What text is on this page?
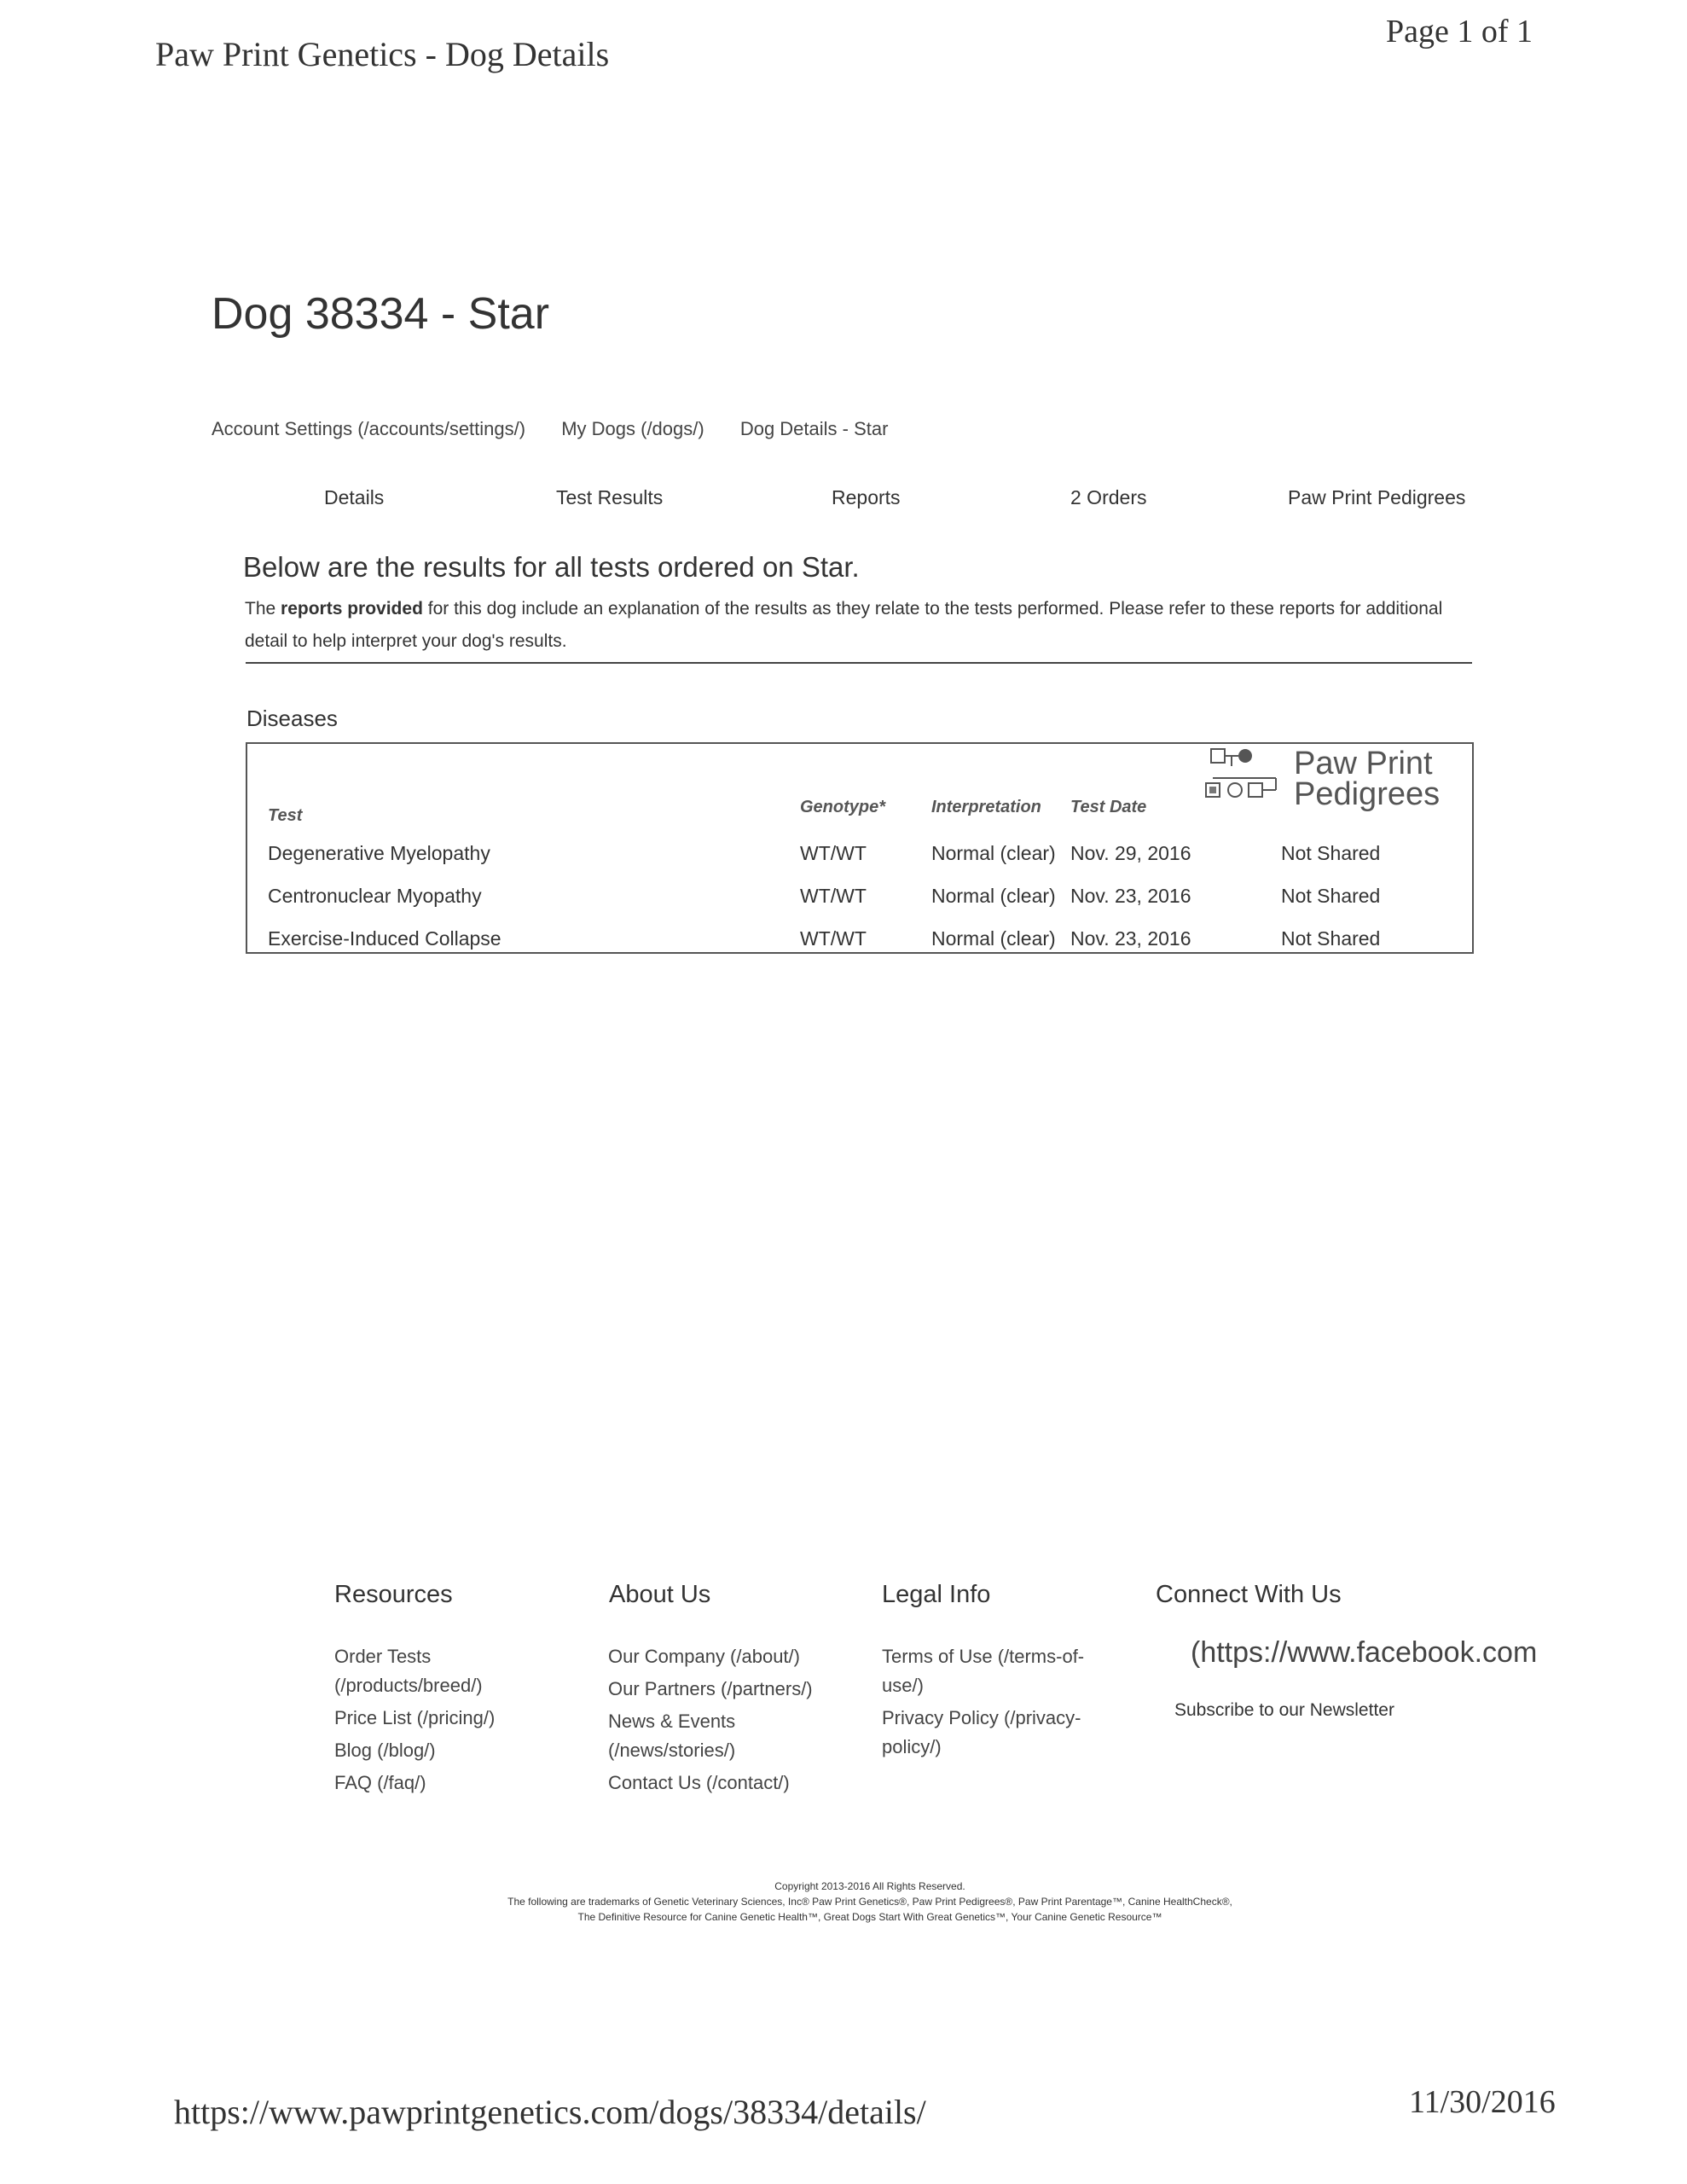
Paw Print Genetics - Dog Details
Page 1 of 1
Dog 38334 - Star
Account Settings (/accounts/settings/) My Dogs (/dogs/) Dog Details - Star
Details	Test Results	Reports	2 Orders	Paw Print Pedigrees
Below are the results for all tests ordered on Star.
The reports provided for this dog include an explanation of the results as they relate to the tests performed. Please refer to these reports for additional detail to help interpret your dog's results.
Diseases
Paw Print
Pedigrees
Test	Genotype*	Interpretation Test Date
Degenerative Myelopathy	WT/WT	Normal (clear) Nov. 29, 2016	Not Shared
Centronuclear Myopathy	WT/WT	Normal (clear) Nov. 23, 2016	Not Shared
Exercise-Induced Collapse	WT/WT	Normal (clear) Nov. 23, 2016	Not Shared
Resources	About Us	Legal Info	Connect With Us
Order Tests (/products/breed/)
Price List (/pricing/)
Blog (/blog/)
FAQ (/faq/)
Our Company (/about/)
Our Partners (/partners/)
News & Events (/news/stories/)
Contact Us (/contact/)
Terms of Use (/terms-of-use/)
Privacy Policy (/privacy-policy/)
(https://www.facebook.com
Subscribe to our Newsletter
Copyright 2013-2016 All Rights Reserved.
The following are trademarks of Genetic Veterinary Sciences, Inc® Paw Print Genetics®, Paw Print Pedigrees®, Paw Print Parentage™, Canine HealthCheck®,
The Definitive Resource for Canine Genetic Health™, Great Dogs Start With Great Genetics™, Your Canine Genetic Resource™
https://www.pawprintgenetics.com/dogs/38334/details/	11/30/2016
